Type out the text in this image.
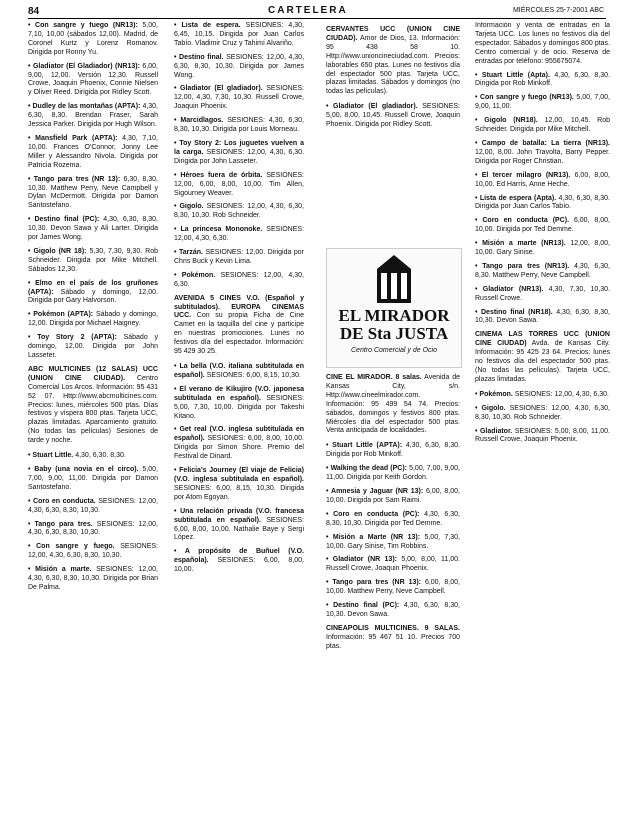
84	CARTELERA	MIÉRCOLES 25-7-2001 ABC
• Con sangre y fuego (NR13): 5,00, 7,10, 10,00 (sábados 12,00). Madrid, de Coronel Kurtz y Lorenz Romanov. Dirigida por Ronny Yu.
• Gladiator (El Gladiador) (NR13): 6,00, 9,00, 12,00. Versión 12,30. Russell Crowe, Joaquin Phoenix, Connie Nielsen y Oliver Reed. Dirigida por Ridley Scott.
• Dudley de las montañas (APTA): 4,30, 6,30, 8,30. Brendan Fraser, Sarah Jessica Parker. Dirigida por Hugh Wilson.
• Mansfield Park (APTA): 4,30, 7,10, 10,00. Frances O'Connor, Jonny Lee Miller y Alessandro Nivola. Dirigida por Patricia Rozema.
• Tango para tres (NR 13): 6,30, 8,30, 10,30. Matthew Perry, Neve Campbell y Dylan McDermott. Dirigida por Damon Santostefano.
• Destino final (PC): 4,30, 6,30, 8,30, 10,30. Devon Sawa y Ali Larter. Dirigida por James Wong.
• Gigolo (NR 18): 5,30, 7,30, 9,30. Rob Schneider. Dirigida por Mike Mitchell. Sábados 12,30.
• Elmo en el país de los gruñones (APTA): Sábado y domingo, 12,00. Dirigida por Gary Halvorson.
• Pokémon (APTA): Sábado y domingo, 12,00. Dirigida por Michael Haigney.
• Toy Story 2 (APTA): Sábado y domingo, 12,00. Dirigida por John Lasseter.
ABC MULTICINES (12 SALAS) UCC (UNION CINE CIUDAD). Centro Comercial Los Arcos. Información: 95 431 52 07. Http://www.abcmulticines.com. Precios: lunes, miércoles 500 ptas. Días festivos y víspera 800 ptas. Tarjeta UCC, plazas limitadas. Aparcamiento gratuito. (No todas las películas) Sesiones de tarde y noche.
• Stuart Little. 4,30, 6,30. 8,30.
• Baby (una novia en el circo). 5,00, 7,00, 9,00, 11,00. Dirigida por Damon Santostefano.
• Coro en conducta. SESIONES: 12,00, 4,30, 6,30, 8,30, 10,30.
• Tango para tres. SESIONES: 12,00, 4,30, 6,30, 8,30, 10,30.
• Con sangre y fuego. SESIONES: 12,00, 4,30, 6,30, 8,30, 10,30.
• Misión a marte. SESIONES: 12,00, 4,30, 6,30, 8,30, 10,30. Dirigida por Brian De Palma.
• Lista de espera. SESIONES: 4,30, 6,45, 10,15. Dirigida por Juan Carlos Tabío. Vladimir Cruz y Tahimí Alvariño.
• Destino final. SESIONES: 12,00, 4,30, 6,30, 8,30, 10,30. Dirigida por James Wong.
• Gladiator (El gladiador). SESIONES: 12,00, 4,30, 7,30, 10,30. Russell Crowe, Joaquin Phoenix.
• Marcidlagos. SESIONES: 4,30, 6,30, 8,30, 10,30. Dirigida por Louis Morneau.
• Toy Story 2: Los juguetes vuelven a la carga. SESIONES: 12,00, 4,30, 6,30. Dirigida por John Lasseter.
• Héroes fuera de órbita. SESIONES: 12,00, 6,00, 8,00, 10,00. Tim Allen, Sigourney Weaver.
• Gigolo. SESIONES: 12,00, 4,30, 6,30, 8,30, 10,30. Rob Schneider.
• La princesa Mononoke. SESIONES: 12,00, 4,30, 6,30.
• Tarzán. SESIONES: 12,00. Dirigida por Chris Buck y Kevin Lima.
• Pokémon. SESIONES: 12,00, 4,30, 6,30.
AVENIDA 5 CINES V.O. (Español y subtitulados). EUROPA CINEMAS UCC. Con su propia Ficha de Cine Camet en la taquilla del cine y participe en nuestras promociones. Lunes no festivos día del espectador. Información: 95 429 30 25.
• La bella (V.O. italiana subtitulada en español). SESIONES: 6,00, 8,15, 10,30.
• El verano de Kikujiro (V.O. japonesa subtitulada en español). SESIONES: 5,00, 7,30, 10,00. Dirigida por Takeshi Kitano.
• Get real (V.O. inglesa subtitulada en español). SESIONES: 6,00, 8,00, 10,00. Dirigida por Simon Shore. Premio del Festival de Dinard.
• Felicia's Journey (El viaje de Felicia) (V.O. inglesa subtitulada en español). SESIONES: 6,00, 8,15, 10,30. Dirigida por Atom Egoyan.
• Una relación privada (V.O. francesa subtitulada en español). SESIONES: 6,00, 8,00, 10,00. Nathalie Baye y Sergi López.
• A propósito de Buñuel (V.O. española). SESIONES: 6,00, 8,00, 10,00.
CERVANTES UCC (UNION CINE CIUDAD). Amor de Dios, 13. Información: 95 438 58 10. Http://www.unioncineciudad.com. Precios: laborables 650 ptas. Lunes no festivos día del espectador 500 ptas. Tarjeta UCC, plazas limitadas. Sábados y domingos (no todas las películas).
• Gladiator (El gladiador). SESIONES: 5,00, 8,00, 10,45. Russell Crowe, Joaquin Phoenix. Dirigida por Ridley Scott.
EL MIRADOR DE Sta JUSTA
Centro Comercial y de Ocio
CINE EL MIRADOR. 8 salas. Avenida de Kansas City, s/n. Http://www.cineelmirador.com. Información: 95 499 54 74. Precios: sábados, domingos y festivos 800 ptas. Miércoles día del espectador 500 ptas. Venta anticipada de localidades.
• Stuart Little (APTA): 4,30, 6,30, 8,30. Dirigida por Rob Minkoff.
• Walking the dead (PC): 5,00, 7,00, 9,00, 11,00. Dirigida por Keith Gordon.
• Amnesia y Jaguar (NR 13): 6,00, 8,00, 10,00. Dirigida por Sam Raimi.
• Coro en conducta (PC): 4,30, 6,30, 8,30, 10,30. Dirigida por Ted Demme.
• Misión a Marte (NR 13): 5,00, 7,30, 10,00. Gary Sinise, Tim Robbins.
• Gladiator (NR 13): 5,00, 8,00, 11,00. Russell Crowe, Joaquin Phoenix.
• Tango para tres (NR 13): 6,00, 8,00, 10,00. Matthew Perry, Neve Campbell.
• Destino final (PC): 4,30, 6,30, 8,30, 10,30. Devon Sawa.
CINEAPOLIS MULTICINES. 9 SALAS. Información: 95 467 51 10. Precios 700 ptas.
Información y venta de entradas en la Tarjeta UCC. Los lunes no festivos día del espectador. Sábados y domingos 800 ptas. Centro comercial y de ocio. Reserva de entradas por teléfono: 955675074.
• Stuart Little (Apta). 4,30, 6,30, 8,30. Dirigida por Rob Minkoff.
• Con sangre y fuego (NR13). 5,00, 7,00, 9,00, 11,00.
• Gigolo (NR18). 12,00, 10,45. Rob Schneider. Dirigida por Mike Mitchell.
• Campo de batalla: La tierra (NR13). 12,00, 8,00. John Travolta, Barry Pepper. Dirigida por Roger Christian.
• El tercer milagro (NR13). 6,00, 8,00, 10,00. Ed Harris, Anne Heche.
• Lista de espera (Apta). 4,30, 6,30, 8,30. Dirigida por Juan Carlos Tabío.
• Coro en conducta (PC). 6,00, 8,00, 10,00. Dirigida por Ted Demme.
• Misión a marte (NR13). 12,00, 8,00, 10,00. Gary Sinise.
• Tango para tres (NR13). 4,30, 6,30, 8,30. Matthew Perry, Neve Campbell.
• Gladiator (NR13). 4,30, 7,30, 10,30. Russell Crowe.
• Destino final (NR18). 4,30, 6,30, 8,30, 10,30. Devon Sawa.
CINEMA LAS TORRES UCC (UNION CINE CIUDAD) Avda. de Kansas City. Información: 95 425 23 64. Precios: lunes no festivos día del espectador 500 ptas. (No todas las películas). Tarjeta UCC, plazas limitadas.
• Pokémon. SESIONES: 12,00, 4,30, 6,30.
• Gigolo. SESIONES: 12,00, 4,30, 6,30, 8,30, 10,30. Rob Schneider.
• Gladiator. SESIONES: 5,00, 8,00, 11,00. Russell Crowe, Joaquin Phoenix.
